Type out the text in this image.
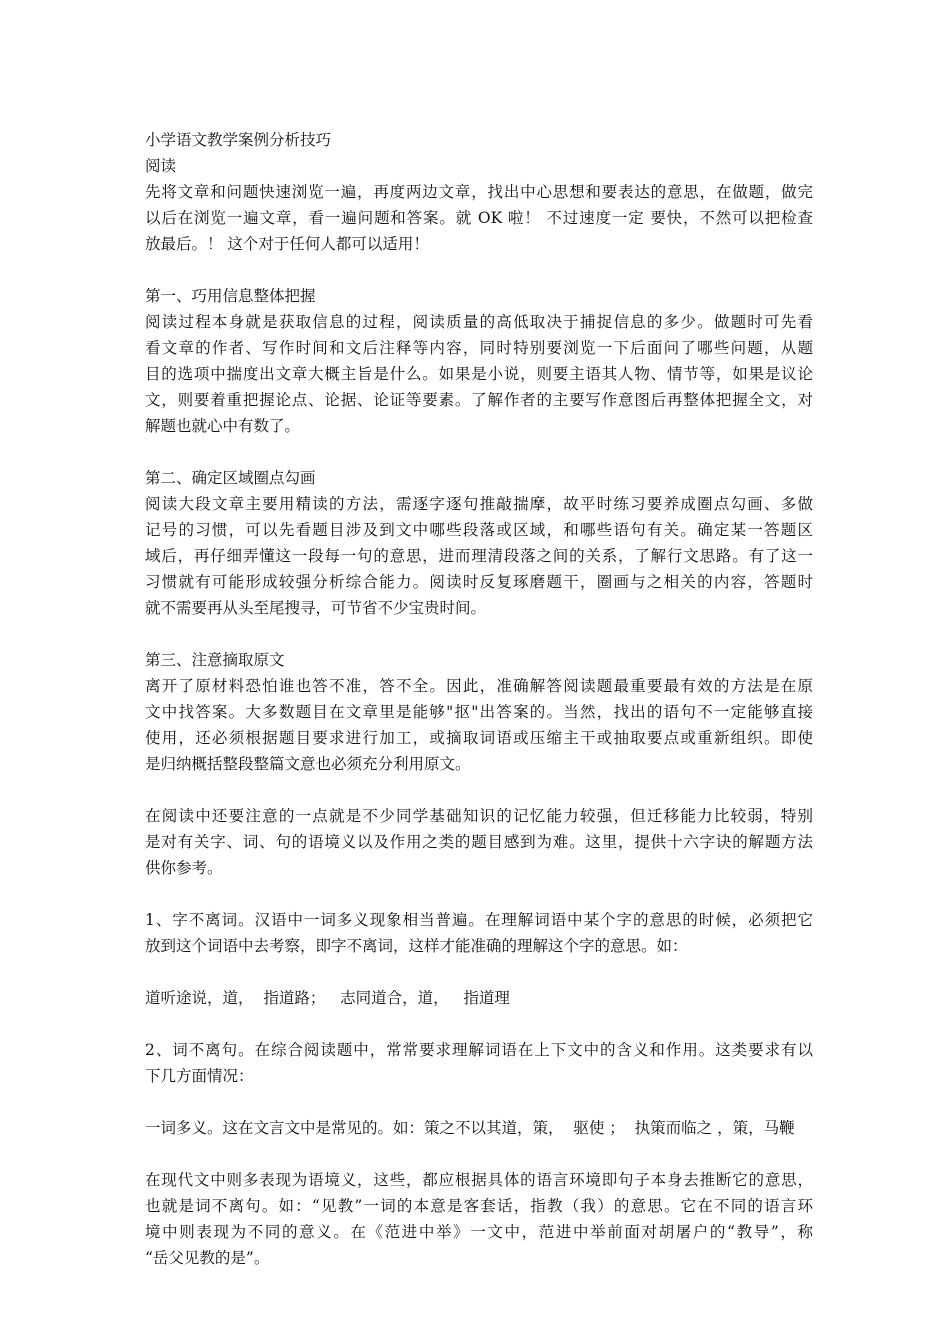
小学语文教学案例分析技巧
阅读
先将文章和问题快速浏览一遍，再度两边文章，找出中心思想和要表达的意思，在做题，做完
以后在浏览一遍文章，看一遍问题和答案。就 OK 啦！ 不过速度一定 要快，不然可以把检查
放最后。！ 这个对于任何人都可以适用！
第一、巧用信息整体把握
阅读过程本身就是获取信息的过程，阅读质量的高低取决于捕捉信息的多少。做题时可先看
看文章的作者、写作时间和文后注释等内容，同时特别要浏览一下后面问了哪些问题，从题
目的选项中揣度出文章大概主旨是什么。如果是小说，则要主语其人物、情节等，如果是议论
文，则要着重把握论点、论据、论证等要素。了解作者的主要写作意图后再整体把握全文，对
解题也就心中有数了。
第二、确定区域圈点勾画
阅读大段文章主要用精读的方法，需逐字逐句推敲揣摩，故平时练习要养成圈点勾画、多做
记号的习惯，可以先看题目涉及到文中哪些段落或区域，和哪些语句有关。确定某一答题区
域后，再仔细弄懂这一段每一句的意思，进而理清段落之间的关系，了解行文思路。有了这一
习惯就有可能形成较强分析综合能力。阅读时反复琢磨题干，圈画与之相关的内容，答题时
就不需要再从头至尾搜寻，可节省不少宝贵时间。
第三、注意摘取原文
离开了原材料恐怕谁也答不准，答不全。因此，准确解答阅读题最重要最有效的方法是在原
文中找答案。大多数题目在文章里是能够"抠"出答案的。当然，找出的语句不一定能够直接
使用，还必须根据题目要求进行加工，或摘取词语或压缩主干或抽取要点或重新组织。即使
是归纳概括整段整篇文意也必须充分利用原文。
在阅读中还要注意的一点就是不少同学基础知识的记忆能力较强，但迁移能力比较弱，特别
是对有关字、词、句的语境义以及作用之类的题目感到为难。这里，提供十六字诀的解题方法
供你参考。
1、字不离词。汉语中一词多义现象相当普遍。在理解词语中某个字的意思的时候，必须把它
放到这个词语中去考察，即字不离词，这样才能准确的理解这个字的意思。如：
道听途说，道，  指道路；   志同道合，道，   指道理
2、词不离句。在综合阅读题中，常常要求理解词语在上下文中的含义和作用。这类要求有以
下几方面情况：
一词多义。这在文言文中是常见的。如：策之不以其道，策，  驱使 ；  执策而临之 ，策，马鞭
在现代文中则多表现为语境义，这些，都应根据具体的语言环境即句子本身去推断它的意思，
也就是词不离句。如：“见教”一词的本意是客套话，指教（我）的意思。它在不同的语言环
境中则表现为不同的意义。在《范进中举》一文中，范进中举前面对胡屠户的“教导”，称
“岳父见教的是”。
